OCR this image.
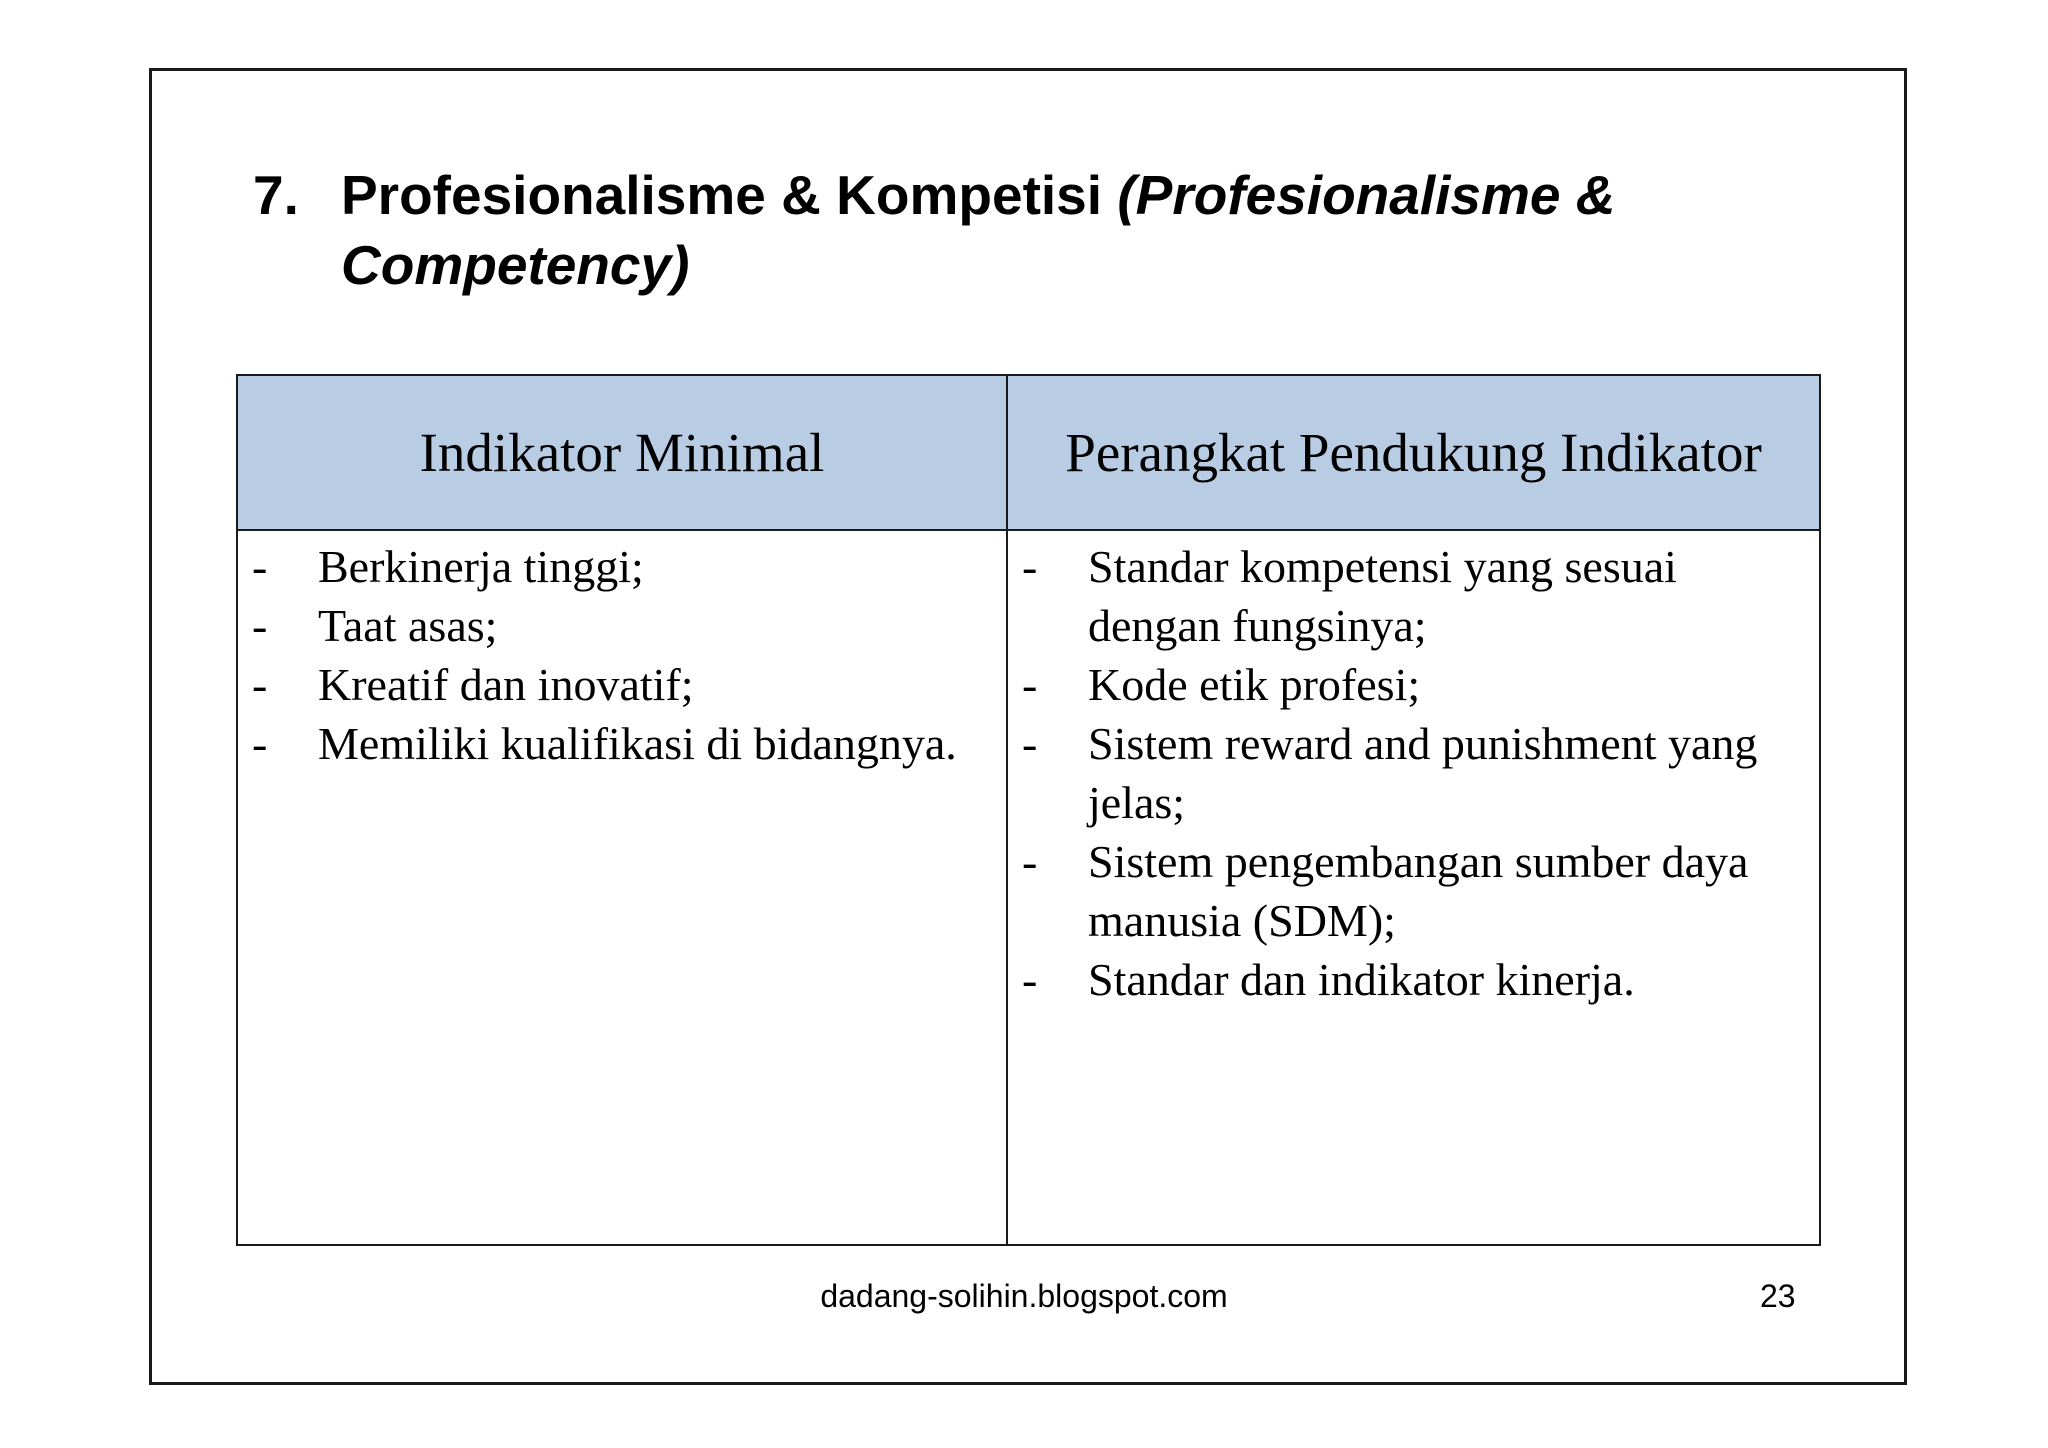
7. Profesionalisme & Kompetisi (Profesionalisme & Competency)
Indikator Minimal	Perangkat Pendukung Indikator
- Berkinerja tinggi;
- Taat asas;
- Kreatif dan inovatif;
- Memiliki kualifikasi di bidangnya.
- Standar kompetensi yang sesuai dengan fungsinya;
- Kode etik profesi;
- Sistem reward and punishment yang jelas;
- Sistem pengembangan sumber daya manusia (SDM);
- Standar dan indikator kinerja.
dadang-solihin.blogspot.com	23
